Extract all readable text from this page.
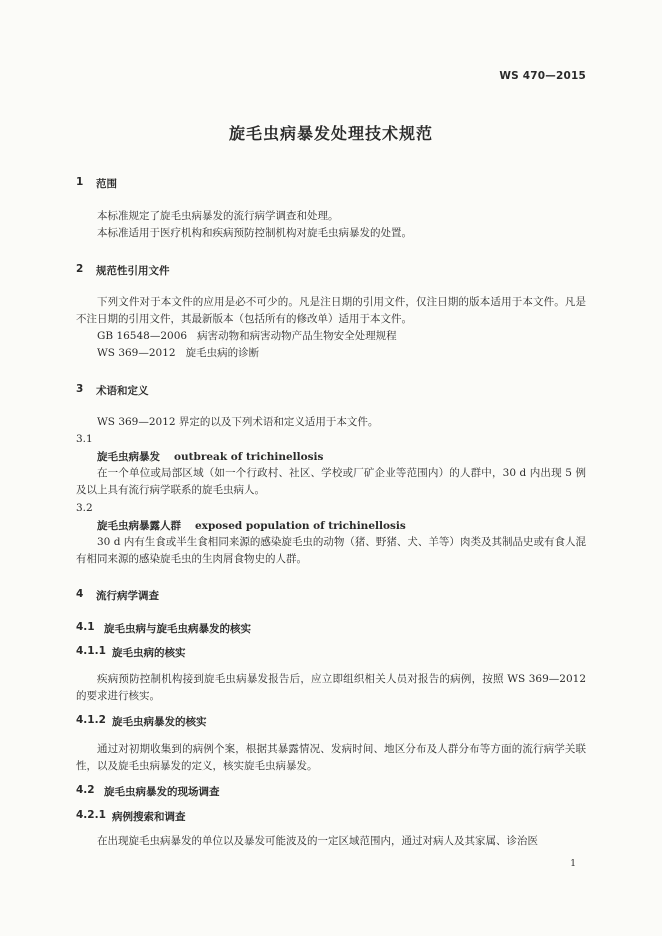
WS 470—2015
旋毛虫病暴发处理技术规范
1 范围
本标准规定了旋毛虫病暴发的流行病学调查和处理。
本标准适用于医疗机构和疾病预防控制机构对旋毛虫病暴发的处置。
2 规范性引用文件
下列文件对于本文件的应用是必不可少的。凡是注日期的引用文件，仅注日期的版本适用于本文件。凡是不注日期的引用文件，其最新版本（包括所有的修改单）适用于本文件。
GB 16548—2006 病害动物和病害动物产品生物安全处理规程
WS 369—2012 旋毛虫病的诊断
3 术语和定义
WS 369—2012 界定的以及下列术语和定义适用于本文件。
3.1
旋毛虫病暴发 outbreak of trichinellosis
在一个单位或局部区域（如一个行政村、社区、学校或厂矿企业等范围内）的人群中，30 d 内出现 5 例及以上具有流行病学联系的旋毛虫病人。
3.2
旋毛虫病暴露人群 exposed population of trichinellosis
30 d 内有生食或半生食相同来源的感染旋毛虫的动物（猪、野猪、犬、羊等）肉类及其制品史或有食人混有相同来源的感染旋毛虫的生肉屑食物史的人群。
4 流行病学调查
4.1 旋毛虫病与旋毛虫病暴发的核实
4.1.1 旋毛虫病的核实
疾病预防控制机构接到旋毛虫病暴发报告后，应立即组织相关人员对报告的病例，按照 WS 369—2012 的要求进行核实。
4.1.2 旋毛虫病暴发的核实
通过对初期收集到的病例个案，根据其暴露情况、发病时间、地区分布及人群分布等方面的流行病学关联性，以及旋毛虫病暴发的定义，核实旋毛虫病暴发。
4.2 旋毛虫病暴发的现场调查
4.2.1 病例搜索和调查
在出现旋毛虫病暴发的单位以及暴发可能波及的一定区域范围内，通过对病人及其家属、诊治医
1
